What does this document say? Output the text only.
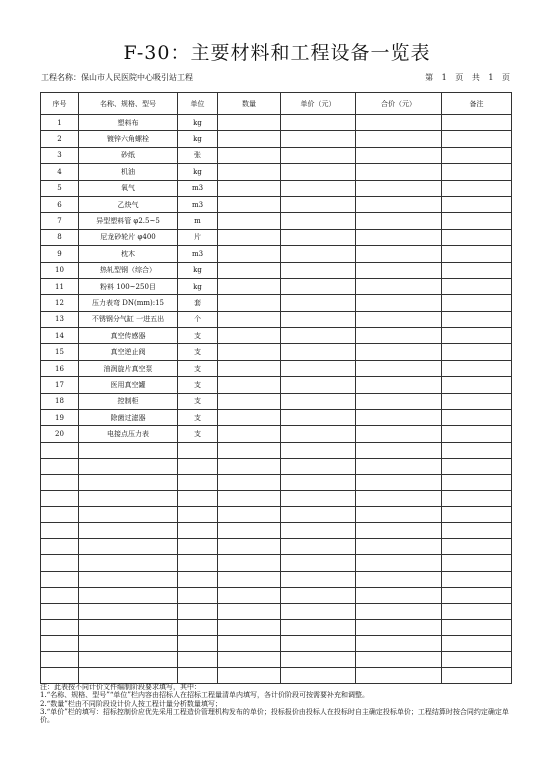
F-30：主要材料和工程设备一览表
工程名称：保山市人民医院中心吸引站工程	第 1 页 共 1 页
序号	名称、规格、型号	单位	数量	单价（元）	合价（元）	备注
1	塑料布	kg				
2	镀锌六角螺栓	kg				
3	砂纸	张				
4	机油	kg				
5	氧气	m3				
6	乙炔气	m3				
7	异型塑料管 φ2.5~5	m				
8	尼龙砂轮片 φ400	片				
9	枕木	m3				
10	热轧型钢（综合）	kg				
11	粉料 100~250目	kg				
12	压力表弯 DN(mm):15	套				
13	不锈钢分气缸 一进五出	个				
14	真空传感器	支				
15	真空逆止阀	支				
16	油润旋片真空泵	支				
17	医用真空罐	支				
18	控制柜	支				
19	除菌过滤器	支				
20	电接点压力表	支				

注：此表按不同计价文件编制阶段要求填写，其中：
1.“名称、规格、型号”“单位”栏内容由招标人在招标工程量清单内填写，各计价阶段可按需要补充和调整。
2.“数量”栏由不同阶段设计价人按工程计量分析数量填写；
3.“单价”栏的填写：招标控制价应优先采用工程造价管理机构发布的单价；投标报价由投标人在投标时自主确定投标单价；工程结算时按合同约定确定单价。
